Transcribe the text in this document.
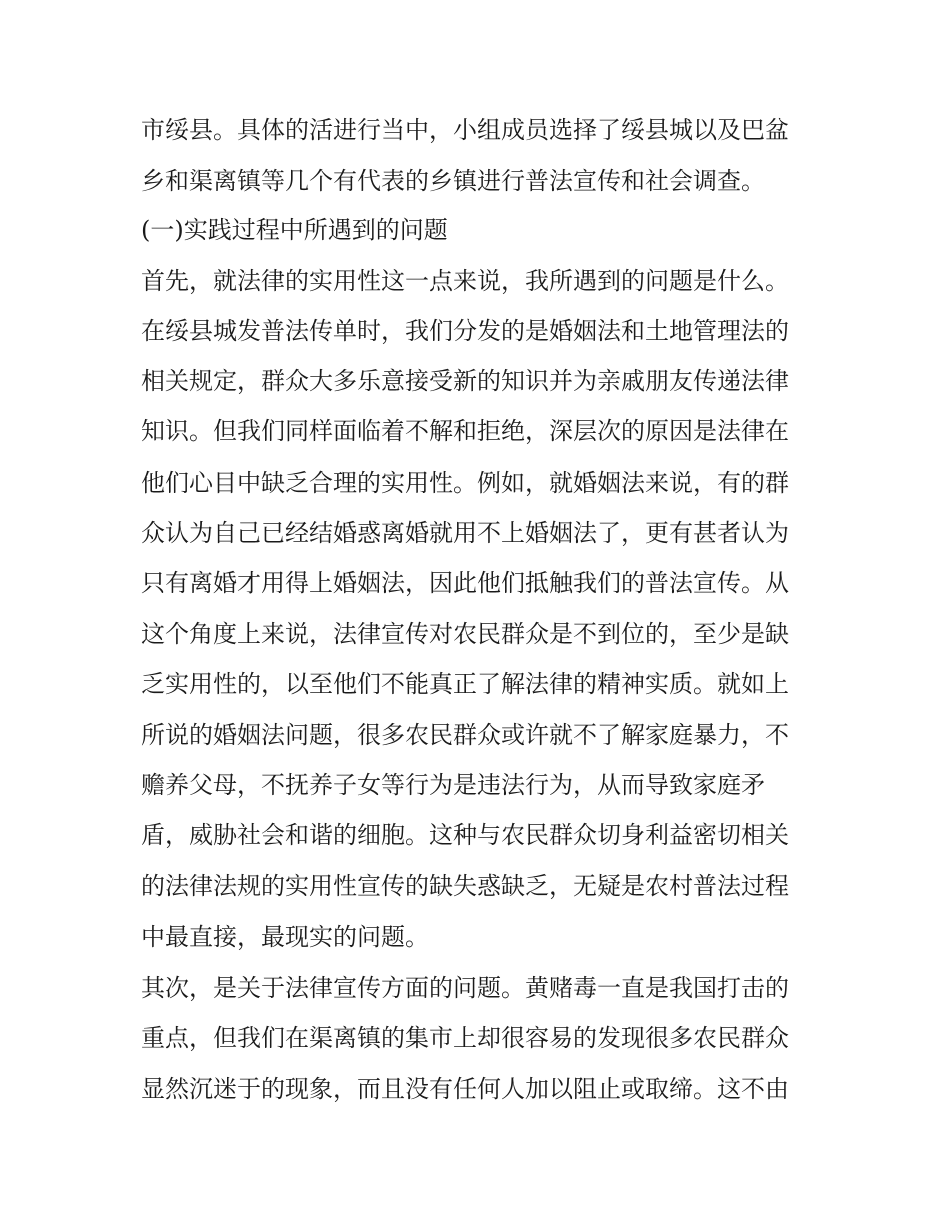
市绥县。具体的活进行当中，小组成员选择了绥县城以及巴盆
乡和渠离镇等几个有代表的乡镇进行普法宣传和社会调查。
(一)实践过程中所遇到的问题
首先，就法律的实用性这一点来说，我所遇到的问题是什么。
在绥县城发普法传单时，我们分发的是婚姻法和土地管理法的
相关规定，群众大多乐意接受新的知识并为亲戚朋友传递法律
知识。但我们同样面临着不解和拒绝，深层次的原因是法律在
他们心目中缺乏合理的实用性。例如，就婚姻法来说，有的群
众认为自己已经结婚惑离婚就用不上婚姻法了，更有甚者认为
只有离婚才用得上婚姻法，因此他们抵触我们的普法宣传。从
这个角度上来说，法律宣传对农民群众是不到位的，至少是缺
乏实用性的，以至他们不能真正了解法律的精神实质。就如上
所说的婚姻法问题，很多农民群众或许就不了解家庭暴力，不
赡养父母，不抚养子女等行为是违法行为，从而导致家庭矛
盾，威胁社会和谐的细胞。这种与农民群众切身利益密切相关
的法律法规的实用性宣传的缺失惑缺乏，无疑是农村普法过程
中最直接，最现实的问题。
其次，是关于法律宣传方面的问题。黄赌毒一直是我国打击的
重点，但我们在渠离镇的集市上却很容易的发现很多农民群众
显然沉迷于的现象，而且没有任何人加以阻止或取缔。这不由
